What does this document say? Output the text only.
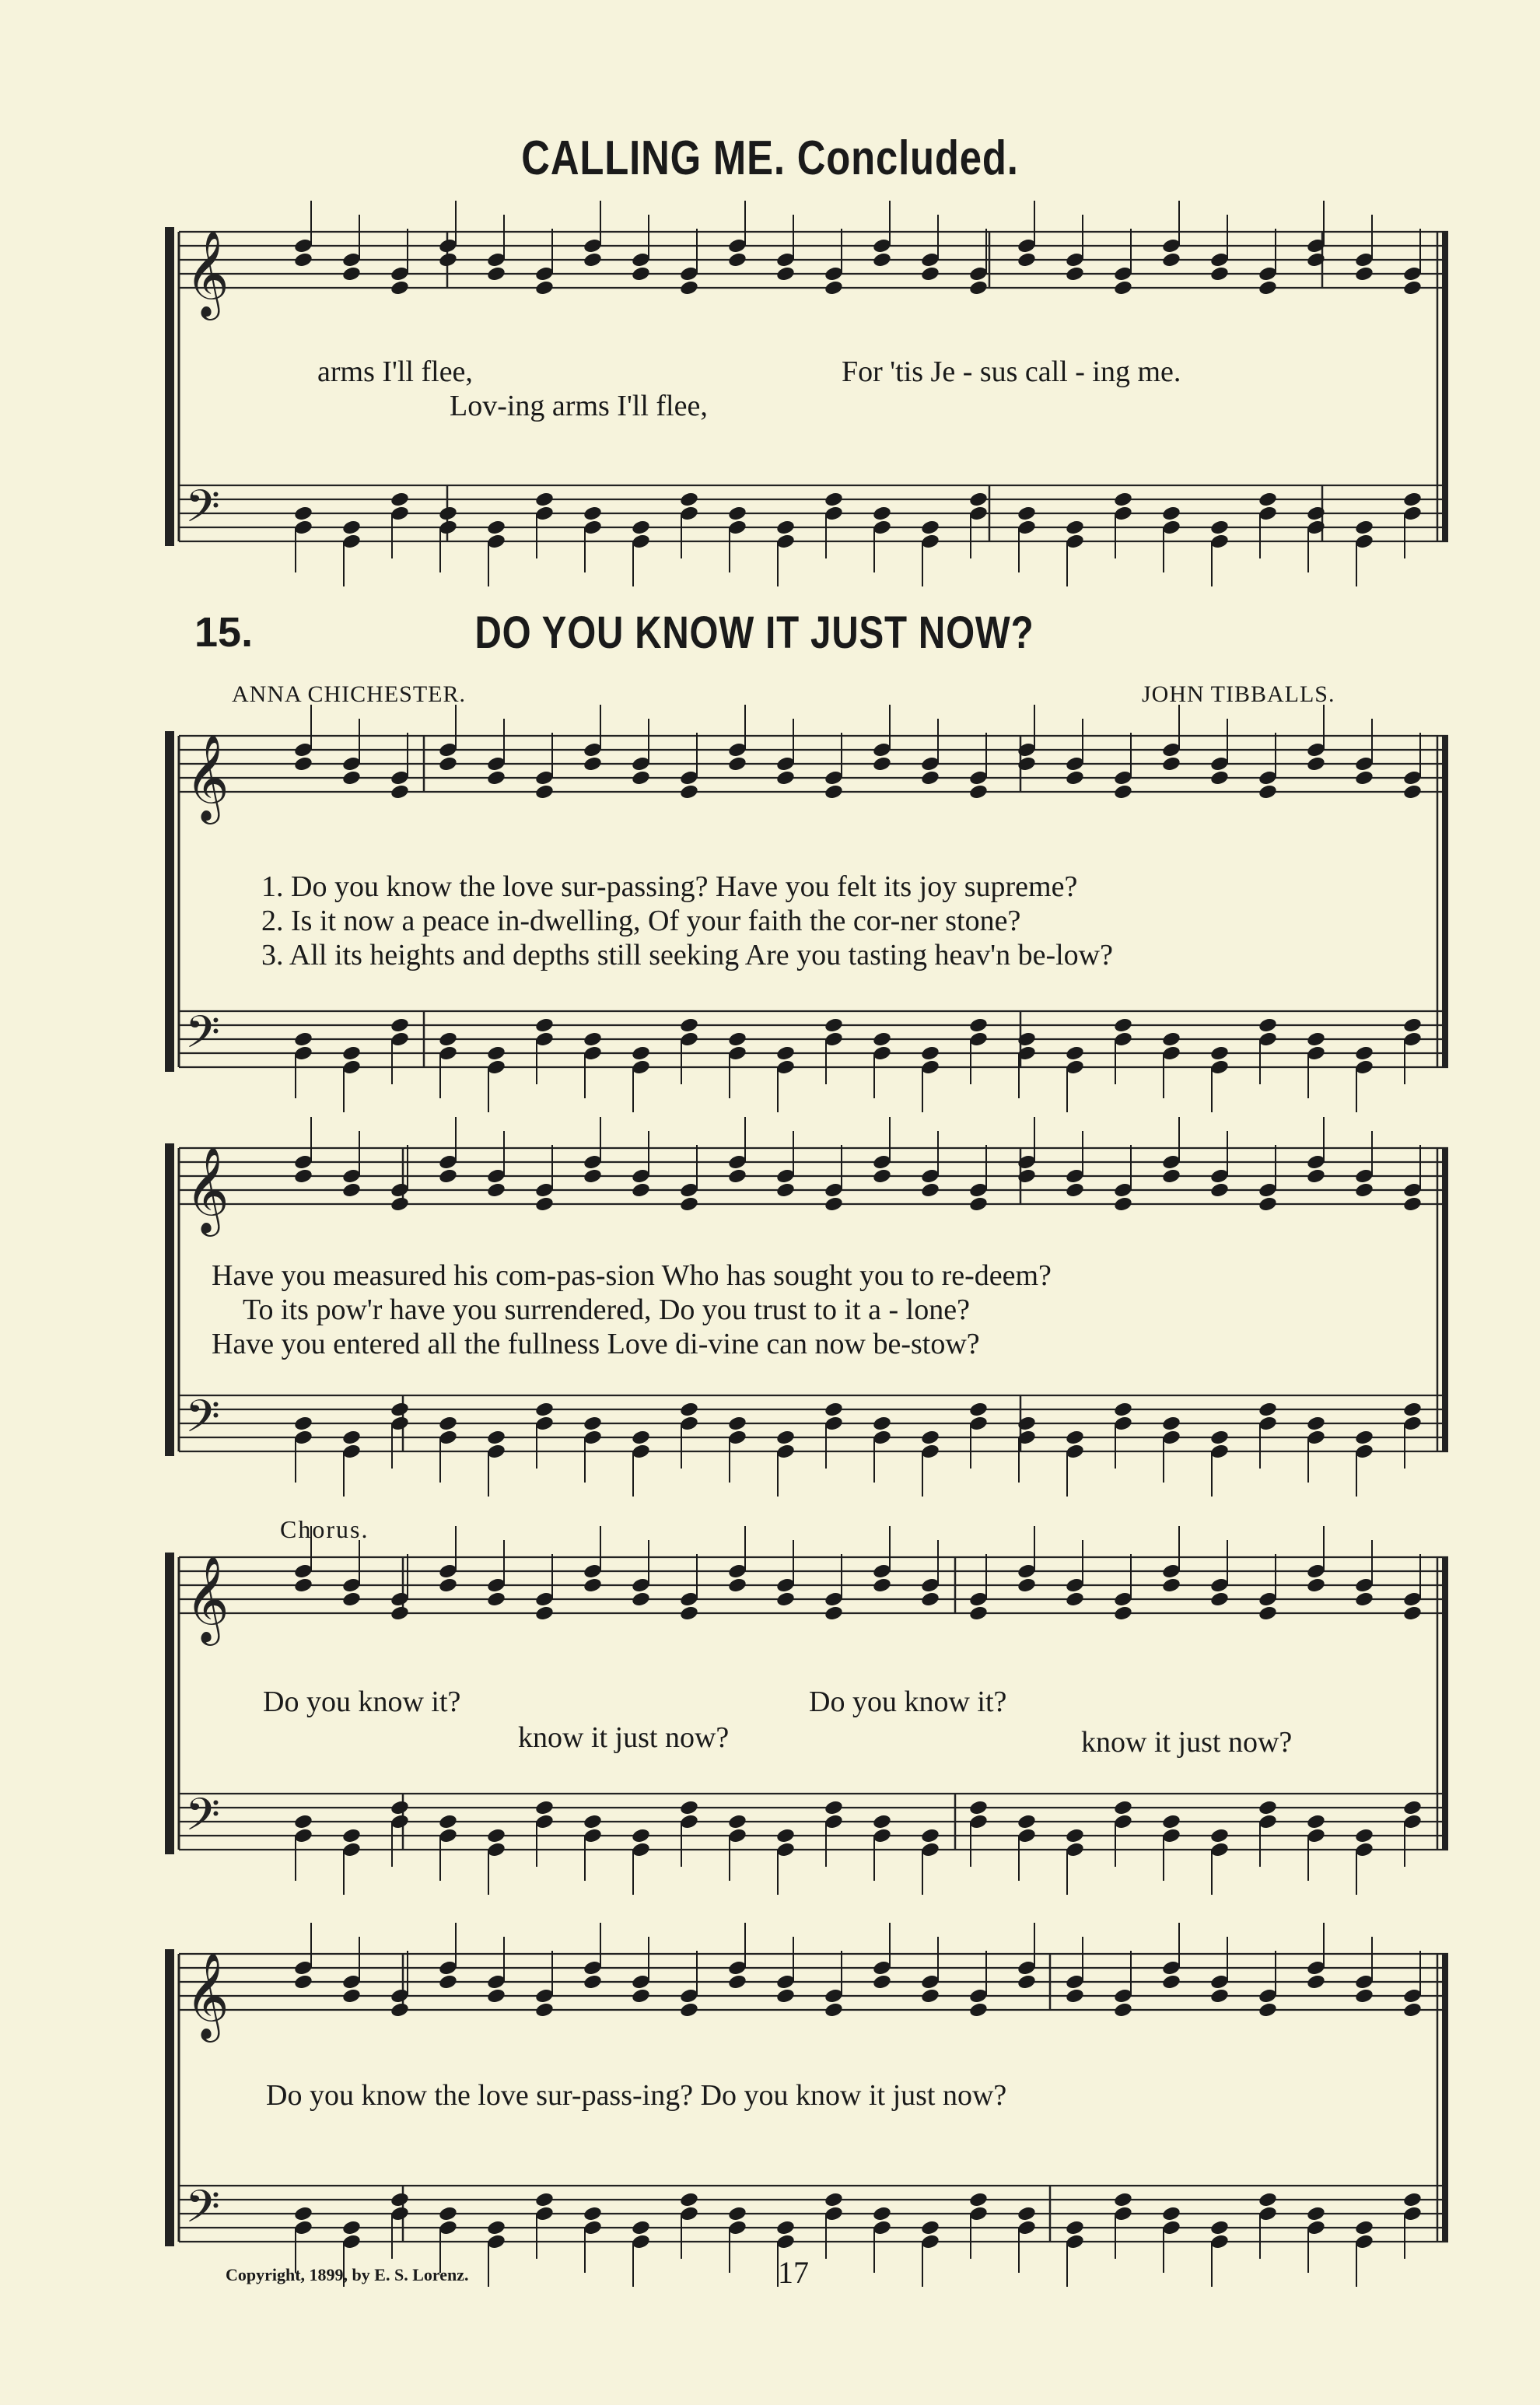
CALLING ME. Concluded.
𝄞
𝄢
𝄞
𝄢
𝄞
𝄢
𝄞
𝄢
𝄞
𝄢
arms I'll flee,	For 'tis Je - sus call - ing me.
Lov-ing arms I'll flee,
15.	DO YOU KNOW IT JUST NOW?
ANNA CHICHESTER.	JOHN TIBBALLS.
1. Do you know the love sur-passing? Have you felt its joy supreme?
2. Is it now a peace in-dwelling, Of your faith the cor-ner stone?
3. All its heights and depths still seeking Are you tasting heav'n be-low?
Have you measured his com-pas-sion Who has sought you to re-deem?
To its pow'r have you surrendered, Do you trust to it a - lone?
Have you entered all the fullness Love di-vine can now be-stow?
Chorus.
Do you know it?	Do you know it?
know it just now?	know it just now?
Do you know the love sur-pass-ing? Do you know it just now?
Copyright, 1899, by E. S. Lorenz.	17
